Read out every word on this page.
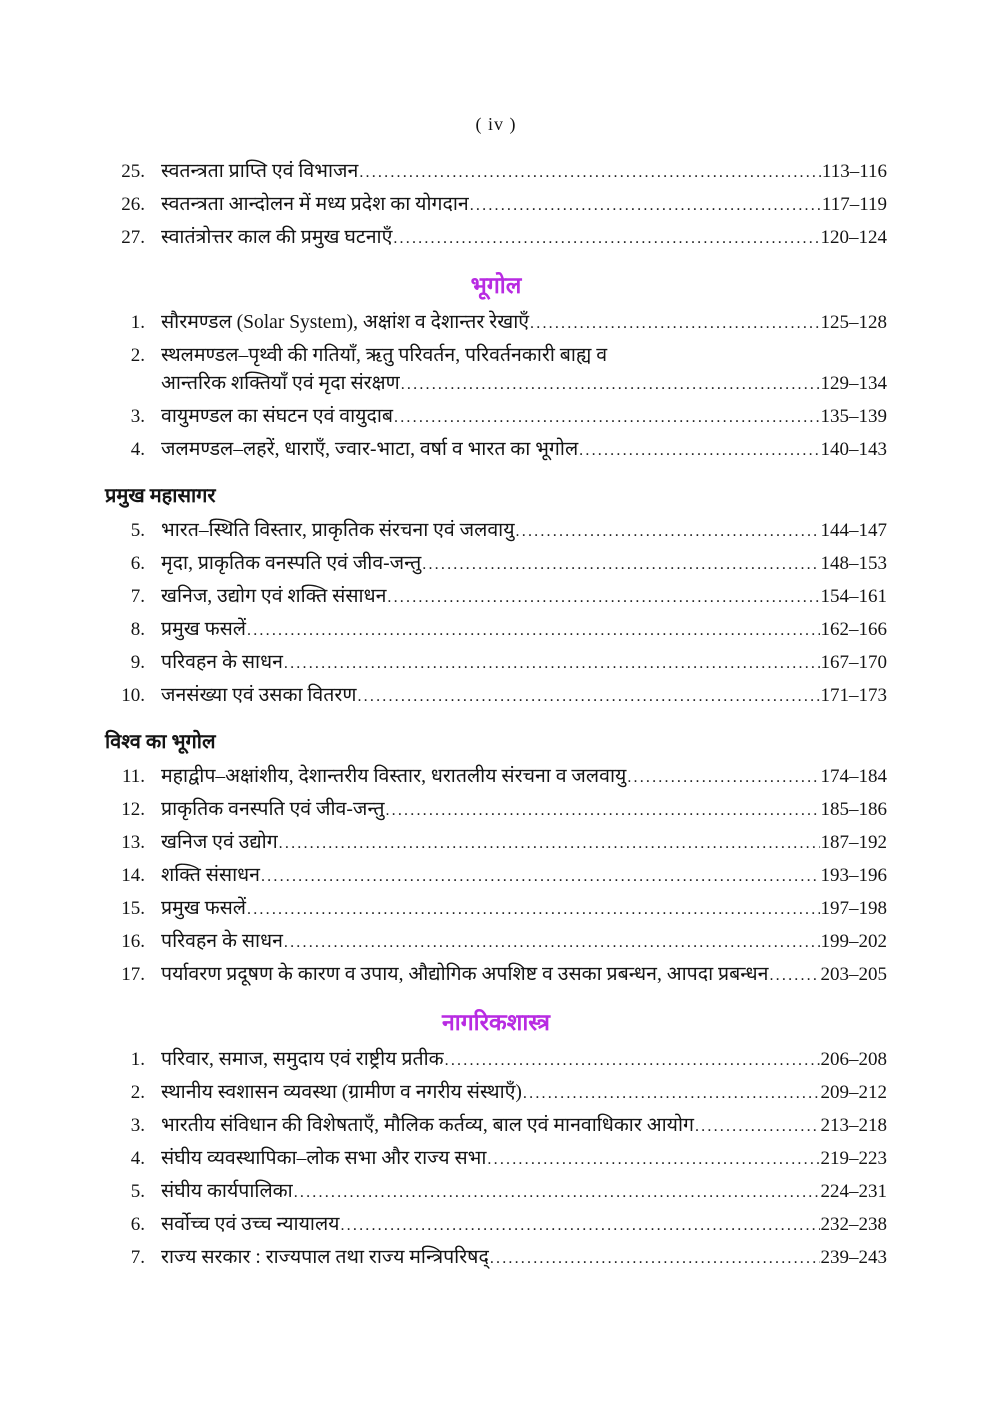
( iv )
25. स्वतन्त्रता प्राप्ति एवं विभाजन .....	113–116
26. स्वतन्त्रता आन्दोलन में मध्य प्रदेश का योगदान .....	117–119
27. स्वातंत्रोत्तर काल की प्रमुख घटनाएँ .....	120–124
भूगोल
1. सौरमण्डल (Solar System), अक्षांश व देशान्तर रेखाएँ .....	125–128
2. स्थलमण्डल–पृथ्वी की गतियाँ, ऋतु परिवर्तन, परिवर्तनकारी बाह्य व
आन्तरिक शक्तियाँ एवं मृदा संरक्षण .....	129–134
3. वायुमण्डल का संघटन एवं वायुदाब .....	135–139
4. जलमण्डल–लहरें, धाराएँ, ज्वार-भाटा, वर्षा व भारत का भूगोल .....	140–143
प्रमुख महासागर
5. भारत–स्थिति विस्तार, प्राकृतिक संरचना एवं जलवायु .....	144–147
6. मृदा, प्राकृतिक वनस्पति एवं जीव-जन्तु .....	148–153
7. खनिज, उद्योग एवं शक्ति संसाधन .....	154–161
8. प्रमुख फसलें .....	162–166
9. परिवहन के साधन .....	167–170
10. जनसंख्या एवं उसका वितरण .....	171–173
विश्व का भूगोल
11. महाद्वीप–अक्षांशीय, देशान्तरीय विस्तार, धरातलीय संरचना व जलवायु .....	174–184
12. प्राकृतिक वनस्पति एवं जीव-जन्तु .....	185–186
13. खनिज एवं उद्योग .....	187–192
14. शक्ति संसाधन .....	193–196
15. प्रमुख फसलें .....	197–198
16. परिवहन के साधन .....	199–202
17. पर्यावरण प्रदूषण के कारण व उपाय, औद्योगिक अपशिष्ट व उसका प्रबन्धन, आपदा प्रबन्धन .....	203–205
नागरिकशास्त्र
1. परिवार, समाज, समुदाय एवं राष्ट्रीय प्रतीक .....	206–208
2. स्थानीय स्वशासन व्यवस्था (ग्रामीण व नगरीय संस्थाएँ) .....	209–212
3. भारतीय संविधान की विशेषताएँ, मौलिक कर्तव्य, बाल एवं मानवाधिकार आयोग .....	213–218
4. संघीय व्यवस्थापिका–लोक सभा और राज्य सभा .....	219–223
5. संघीय कार्यपालिका .....	224–231
6. सर्वोच्च एवं उच्च न्यायालय .....	232–238
7. राज्य सरकार : राज्यपाल तथा राज्य मन्त्रिपरिषद् .....	239–243
